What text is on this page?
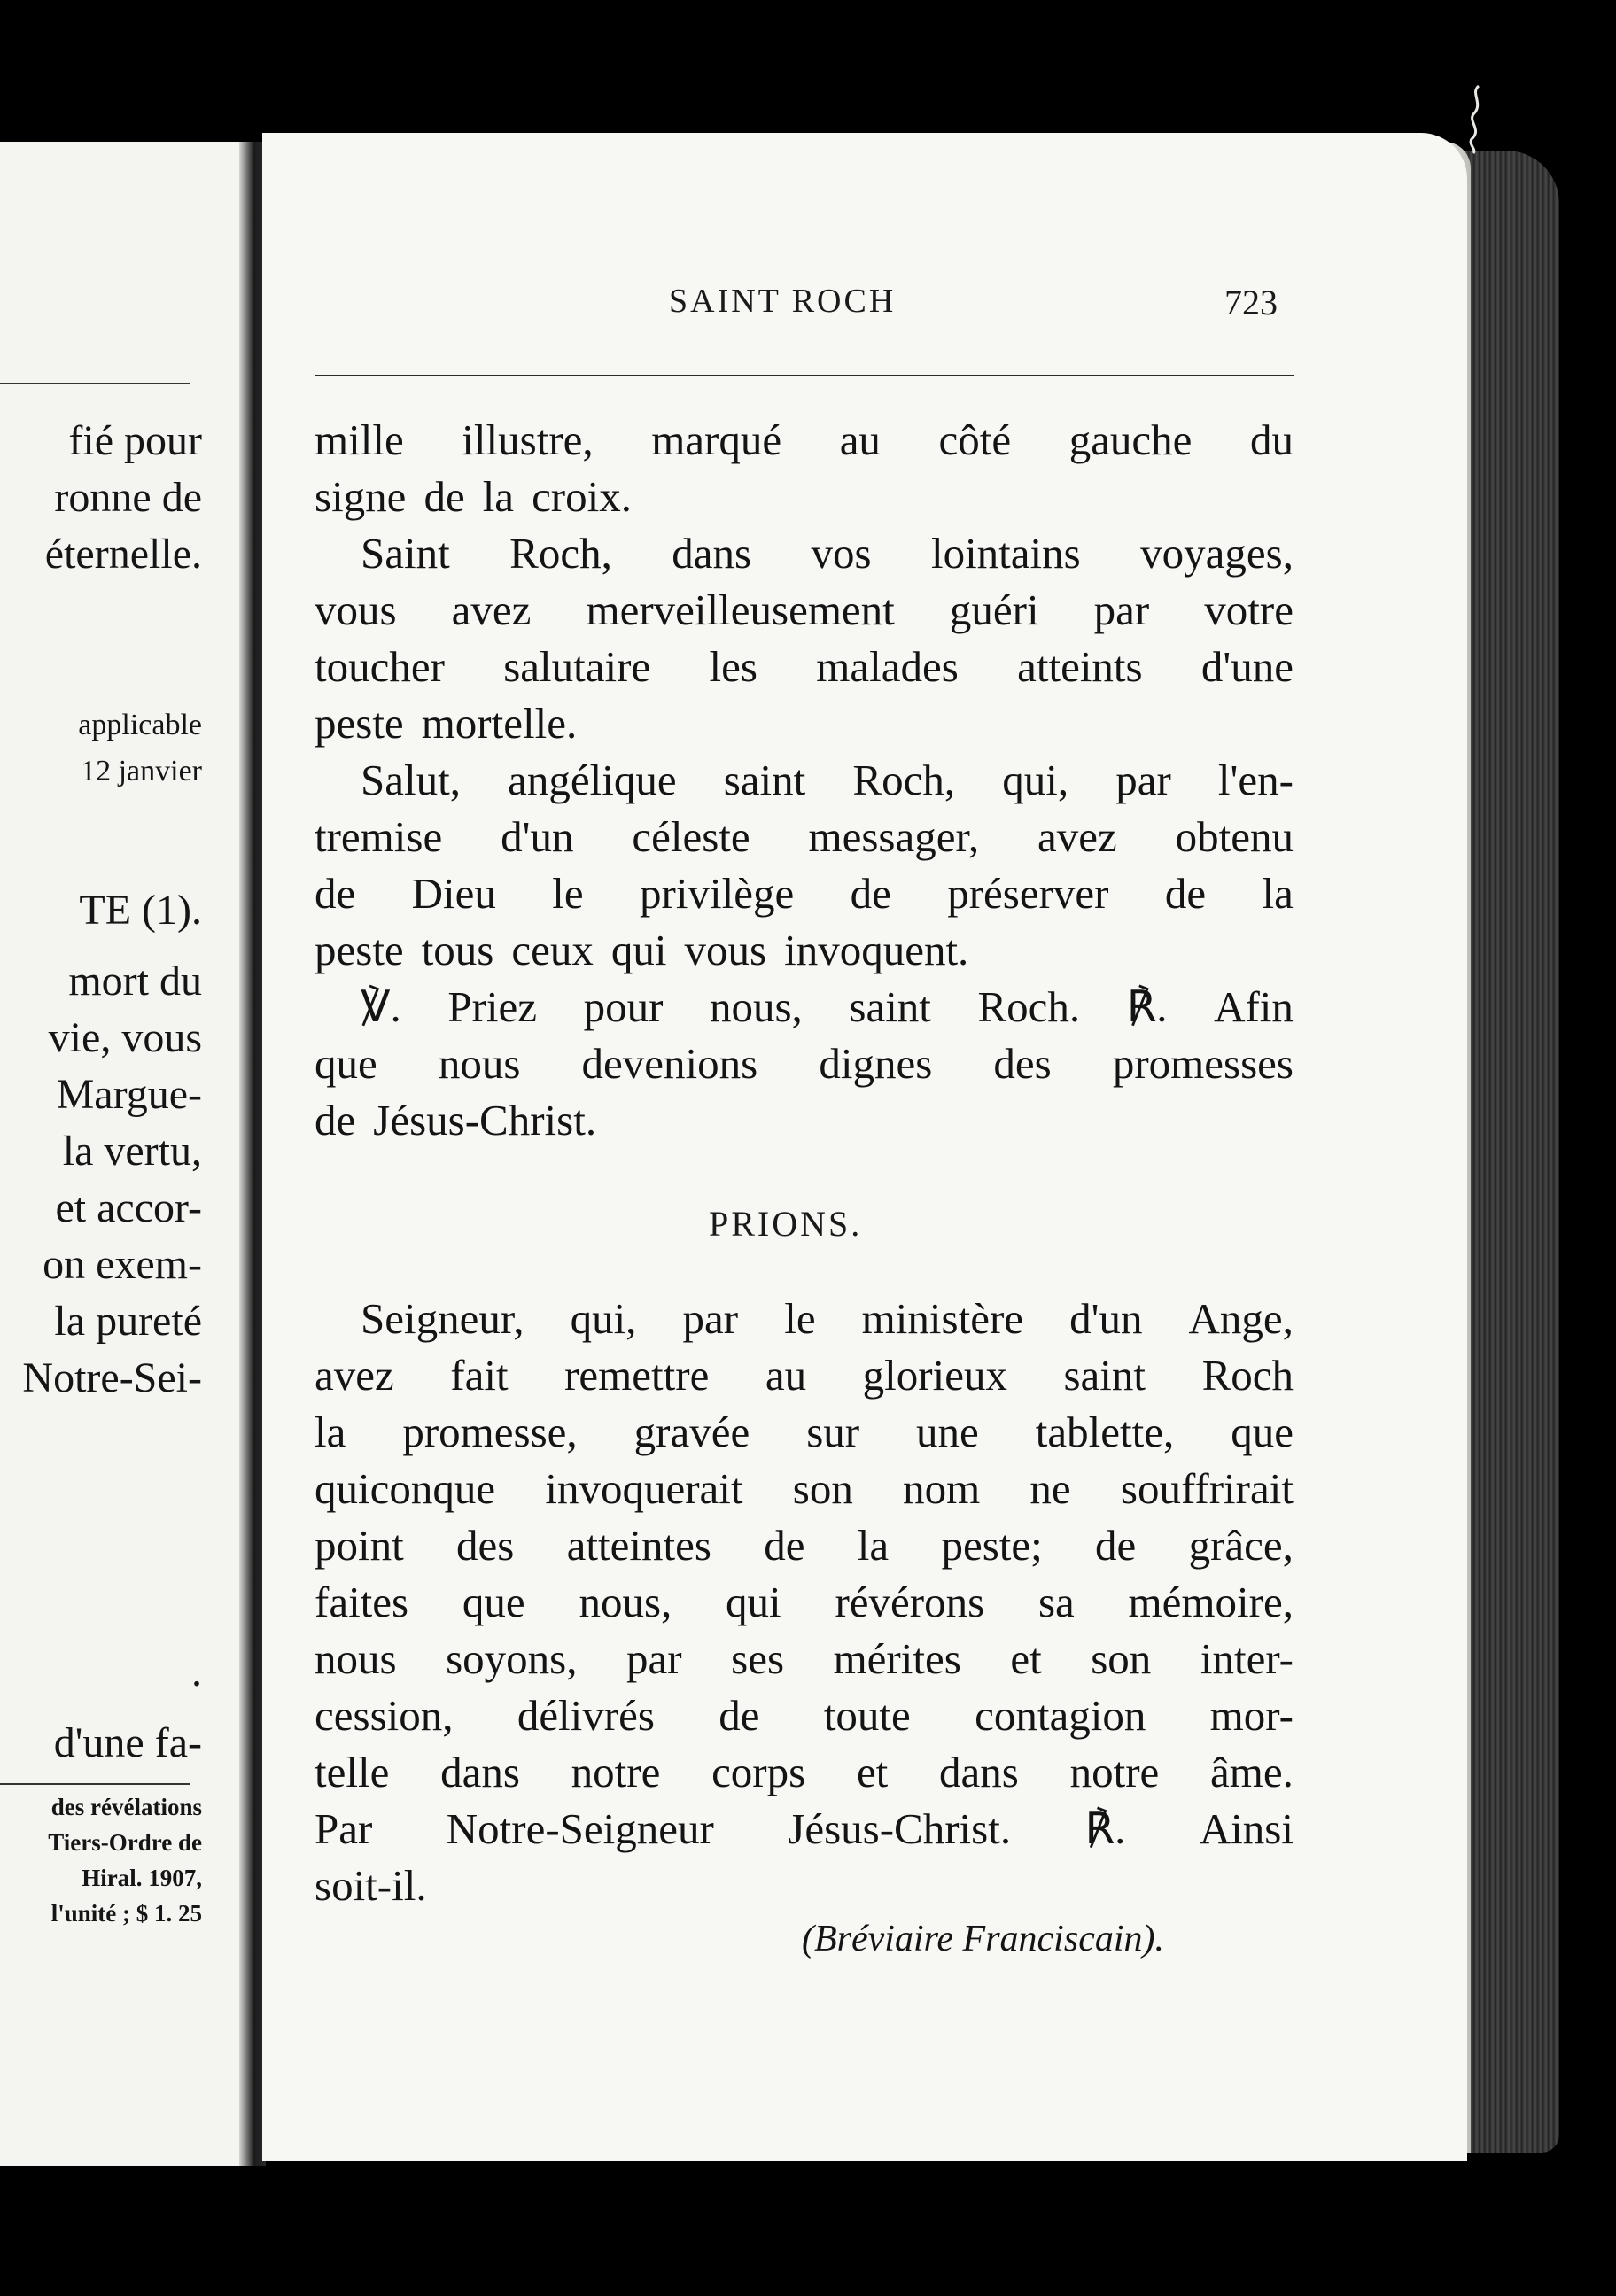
fié pour
ronne de
éternelle.
applicable
12 janvier
TE (1).
mort du
vie, vous
Margue-
la vertu,
et accor-
on exem-
la pureté
Notre-Sei-
.
d'une fa-
des révélations
Tiers-Ordre de
Hiral. 1907,
l'unité ; $ 1. 25
SAINT ROCH	723
mille illustre, marqué au côté gauche du
signe de la croix.
Saint Roch, dans vos lointains voyages,
vous avez merveilleusement guéri par votre
toucher salutaire les malades atteints d'une
peste mortelle.
Salut, angélique saint Roch, qui, par l'en-
tremise d'un céleste messager, avez obtenu
de Dieu le privilège de préserver de la
peste tous ceux qui vous invoquent.
℣. Priez pour nous, saint Roch. ℟. Afin
que nous devenions dignes des promesses
de Jésus-Christ.
PRIONS.
Seigneur, qui, par le ministère d'un Ange,
avez fait remettre au glorieux saint Roch
la promesse, gravée sur une tablette, que
quiconque invoquerait son nom ne souffrirait
point des atteintes de la peste; de grâce,
faites que nous, qui révérons sa mémoire,
nous soyons, par ses mérites et son inter-
cession, délivrés de toute contagion mor-
telle dans notre corps et dans notre âme.
Par Notre-Seigneur Jésus-Christ. ℟. Ainsi
soit-il.
(Bréviaire Franciscain).
